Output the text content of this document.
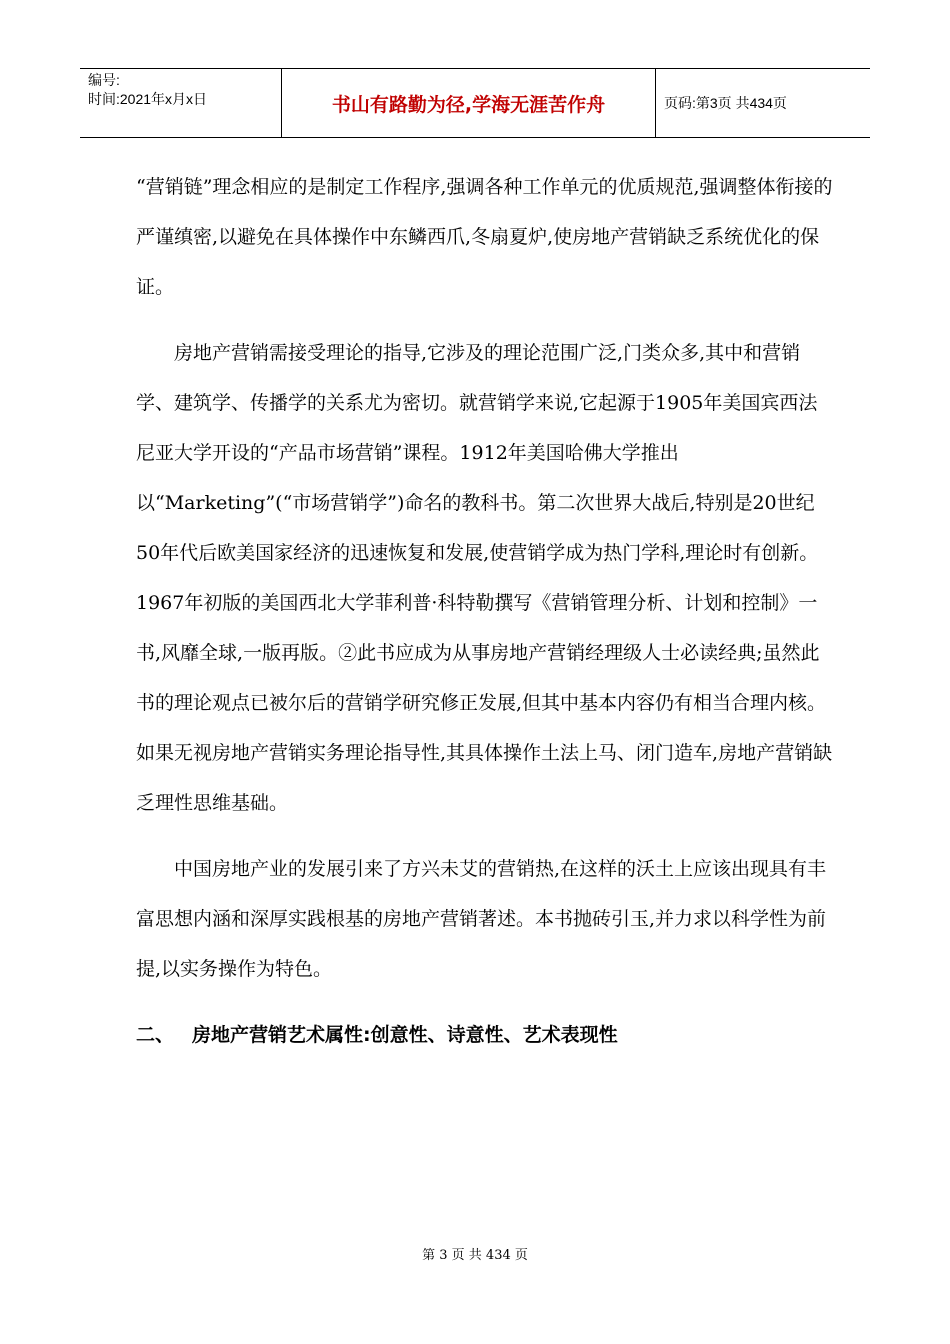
编号:
时间:2021年x月x日	书山有路勤为径,学海无涯苦作舟	页码:第3页 共434页

“营销链”理念相应的是制定工作程序,强调各种工作单元的优质规范,强调整体衔接的严谨缜密,以避免在具体操作中东鳞西爪,冬扇夏炉,使房地产营销缺乏系统优化的保证。

房地产营销需接受理论的指导,它涉及的理论范围广泛,门类众多,其中和营销学、建筑学、传播学的关系尤为密切。就营销学来说,它起源于1905年美国宾西法尼亚大学开设的“产品市场营销”课程。1912年美国哈佛大学推出以“Marketing”(“市场营销学”)命名的教科书。第二次世界大战后,特别是20世纪50年代后欧美国家经济的迅速恢复和发展,使营销学成为热门学科,理论时有创新。1967年初版的美国西北大学菲利普·科特勒撰写《营销管理分析、计划和控制》一书,风靡全球,一版再版。②此书应成为从事房地产营销经理级人士必读经典;虽然此书的理论观点已被尔后的营销学研究修正发展,但其中基本内容仍有相当合理内核。如果无视房地产营销实务理论指导性,其具体操作土法上马、闭门造车,房地产营销缺乏理性思维基础。

中国房地产业的发展引来了方兴未艾的营销热,在这样的沃土上应该出现具有丰富思想内涵和深厚实践根基的房地产营销著述。本书抛砖引玉,并力求以科学性为前提,以实务操作为特色。

二、 房地产营销艺术属性:创意性、诗意性、艺术表现性
第 3 页 共 434 页
